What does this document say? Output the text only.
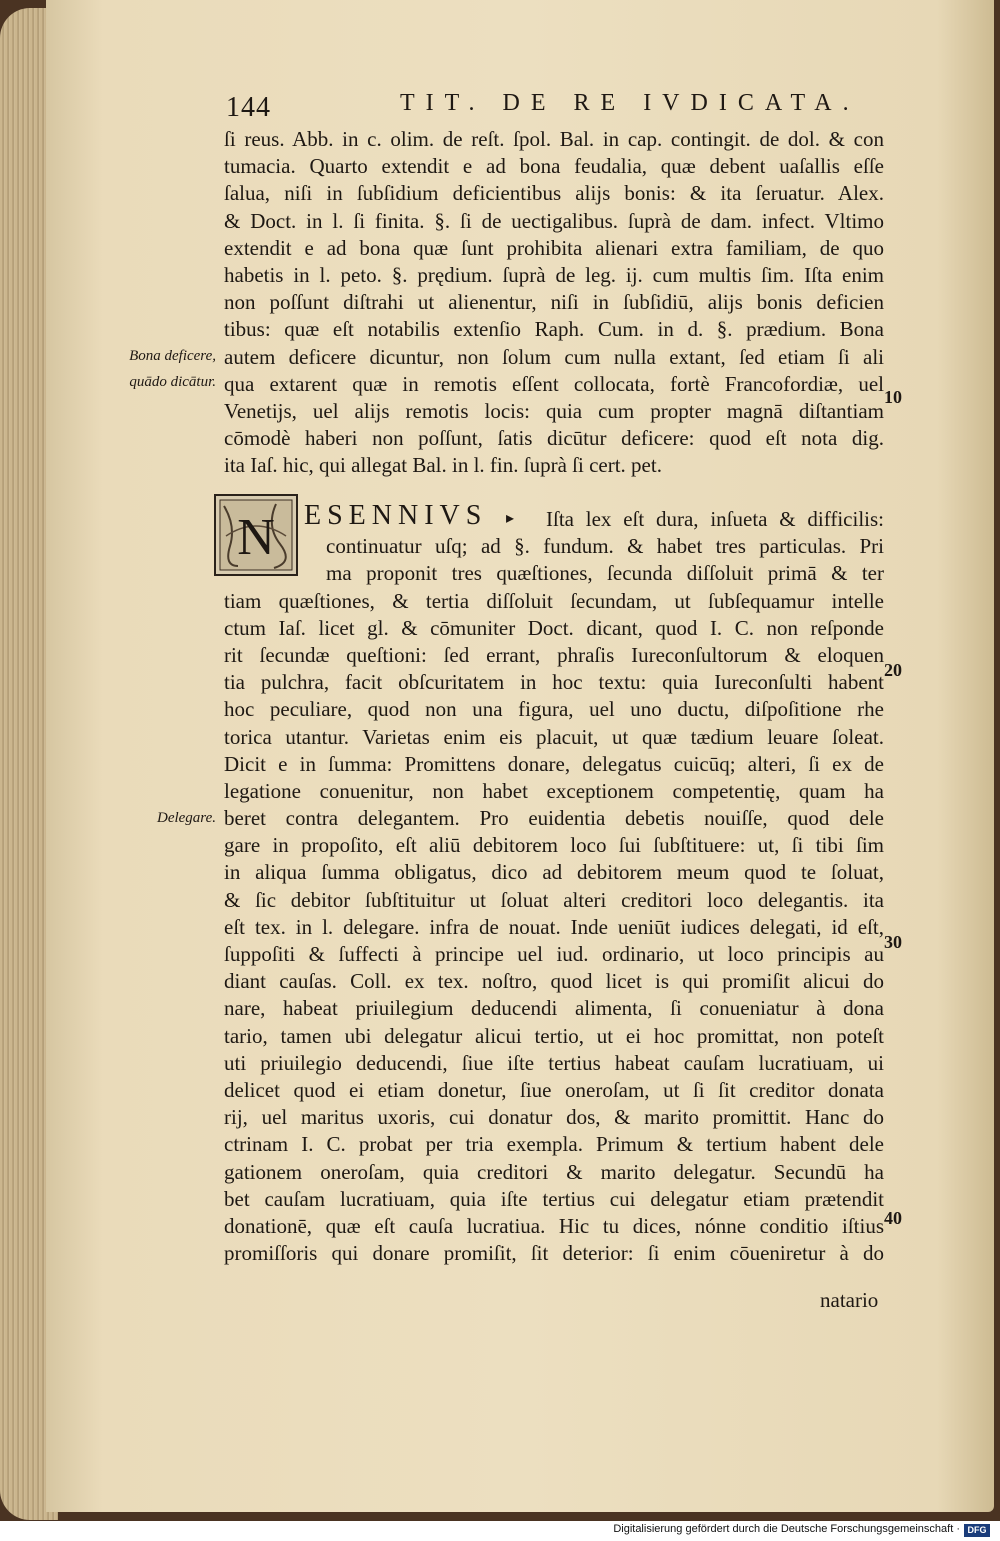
144	TIT. DE RE IVDICATA.
Bona deficere,
quādo dicātur.
Delegare.
10
20
30
40
ſi reus. Abb. in c. olim. de reſt. ſpol. Bal. in cap. contingit. de dol. & con
tumacia. Quarto extendit e ad bona feudalia, quæ debent uaſallis eſſe
ſalua, niſi in ſubſidium deficientibus alijs bonis: & ita ſeruatur. Alex.
& Doct. in l. ſi finita. §. ſi de uectigalibus. ſuprà de dam. infect. Vltimo
extendit e ad bona quæ ſunt prohibita alienari extra familiam, de quo
habetis in l. peto. §. prędium. ſuprà de leg. ij. cum multis ſim. Iſta enim
non poſſunt diſtrahi ut alienentur, niſi in ſubſidiū, alijs bonis deficien
tibus: quæ eſt notabilis extenſio Raph. Cum. in d. §. prædium. Bona
autem deficere dicuntur, non ſolum cum nulla extant, ſed etiam ſi ali
qua extarent quæ in remotis eſſent collocata, fortè Francofordiæ, uel
Venetijs, uel alijs remotis locis: quia cum propter magnā diſtantiam
cōmodè haberi non poſſunt, ſatis dicūtur deficere: quod eſt nota dig.
ita Iaſ. hic, qui allegat Bal. in l. fin. ſuprà ſi cert. pet.
N ESENNIVS ▸	Iſta lex eſt dura, inſueta & difficilis:
continuatur uſq; ad §. fundum. & habet tres particulas. Pri
ma proponit tres quæſtiones, ſecunda diſſoluit primā & ter
tiam quæſtiones, & tertia diſſoluit ſecundam, ut ſubſequamur intelle
ctum Iaſ. licet gl. & cōmuniter Doct. dicant, quod I. C. non reſponde
rit ſecundæ queſtioni: ſed errant, phraſis Iureconſultorum & eloquen
tia pulchra, facit obſcuritatem in hoc textu: quia Iureconſulti habent
hoc peculiare, quod non una figura, uel uno ductu, diſpoſitione rhe
torica utantur. Varietas enim eis placuit, ut quæ tædium leuare ſoleat.
Dicit e in ſumma: Promittens donare, delegatus cuicūq; alteri, ſi ex de
legatione conuenitur, non habet exceptionem competentię, quam ha
beret contra delegantem. Pro euidentia debetis nouiſſe, quod dele
gare in propoſito, eſt aliū debitorem loco ſui ſubſtituere: ut, ſi tibi ſim
in aliqua ſumma obligatus, dico ad debitorem meum quod te ſoluat,
& ſic debitor ſubſtituitur ut ſoluat alteri creditori loco delegantis. ita
eſt tex. in l. delegare. infra de nouat. Inde ueniūt iudices delegati, id eſt,
ſuppoſiti & ſuffecti à principe uel iud. ordinario, ut loco principis au
diant cauſas. Coll. ex tex. noſtro, quod licet is qui promiſit alicui do
nare, habeat priuilegium deducendi alimenta, ſi conueniatur à dona
tario, tamen ubi delegatur alicui tertio, ut ei hoc promittat, non poteſt
uti priuilegio deducendi, ſiue iſte tertius habeat cauſam lucratiuam, ui
delicet quod ei etiam donetur, ſiue oneroſam, ut ſi ſit creditor donata
rij, uel maritus uxoris, cui donatur dos, & marito promittit. Hanc do
ctrinam I. C. probat per tria exempla. Primum & tertium habent dele
gationem oneroſam, quia creditori & marito delegatur. Secundū ha
bet cauſam lucratiuam, quia iſte tertius cui delegatur etiam prætendit
donationē, quæ eſt cauſa lucratiua. Hic tu dices, nónne conditio iſtius
promiſſoris qui donare promiſit, ſit deterior: ſi enim cōueniretur à do
natario
Digitalisierung gefördert durch die Deutsche Forschungsgemeinschaft · DFG
